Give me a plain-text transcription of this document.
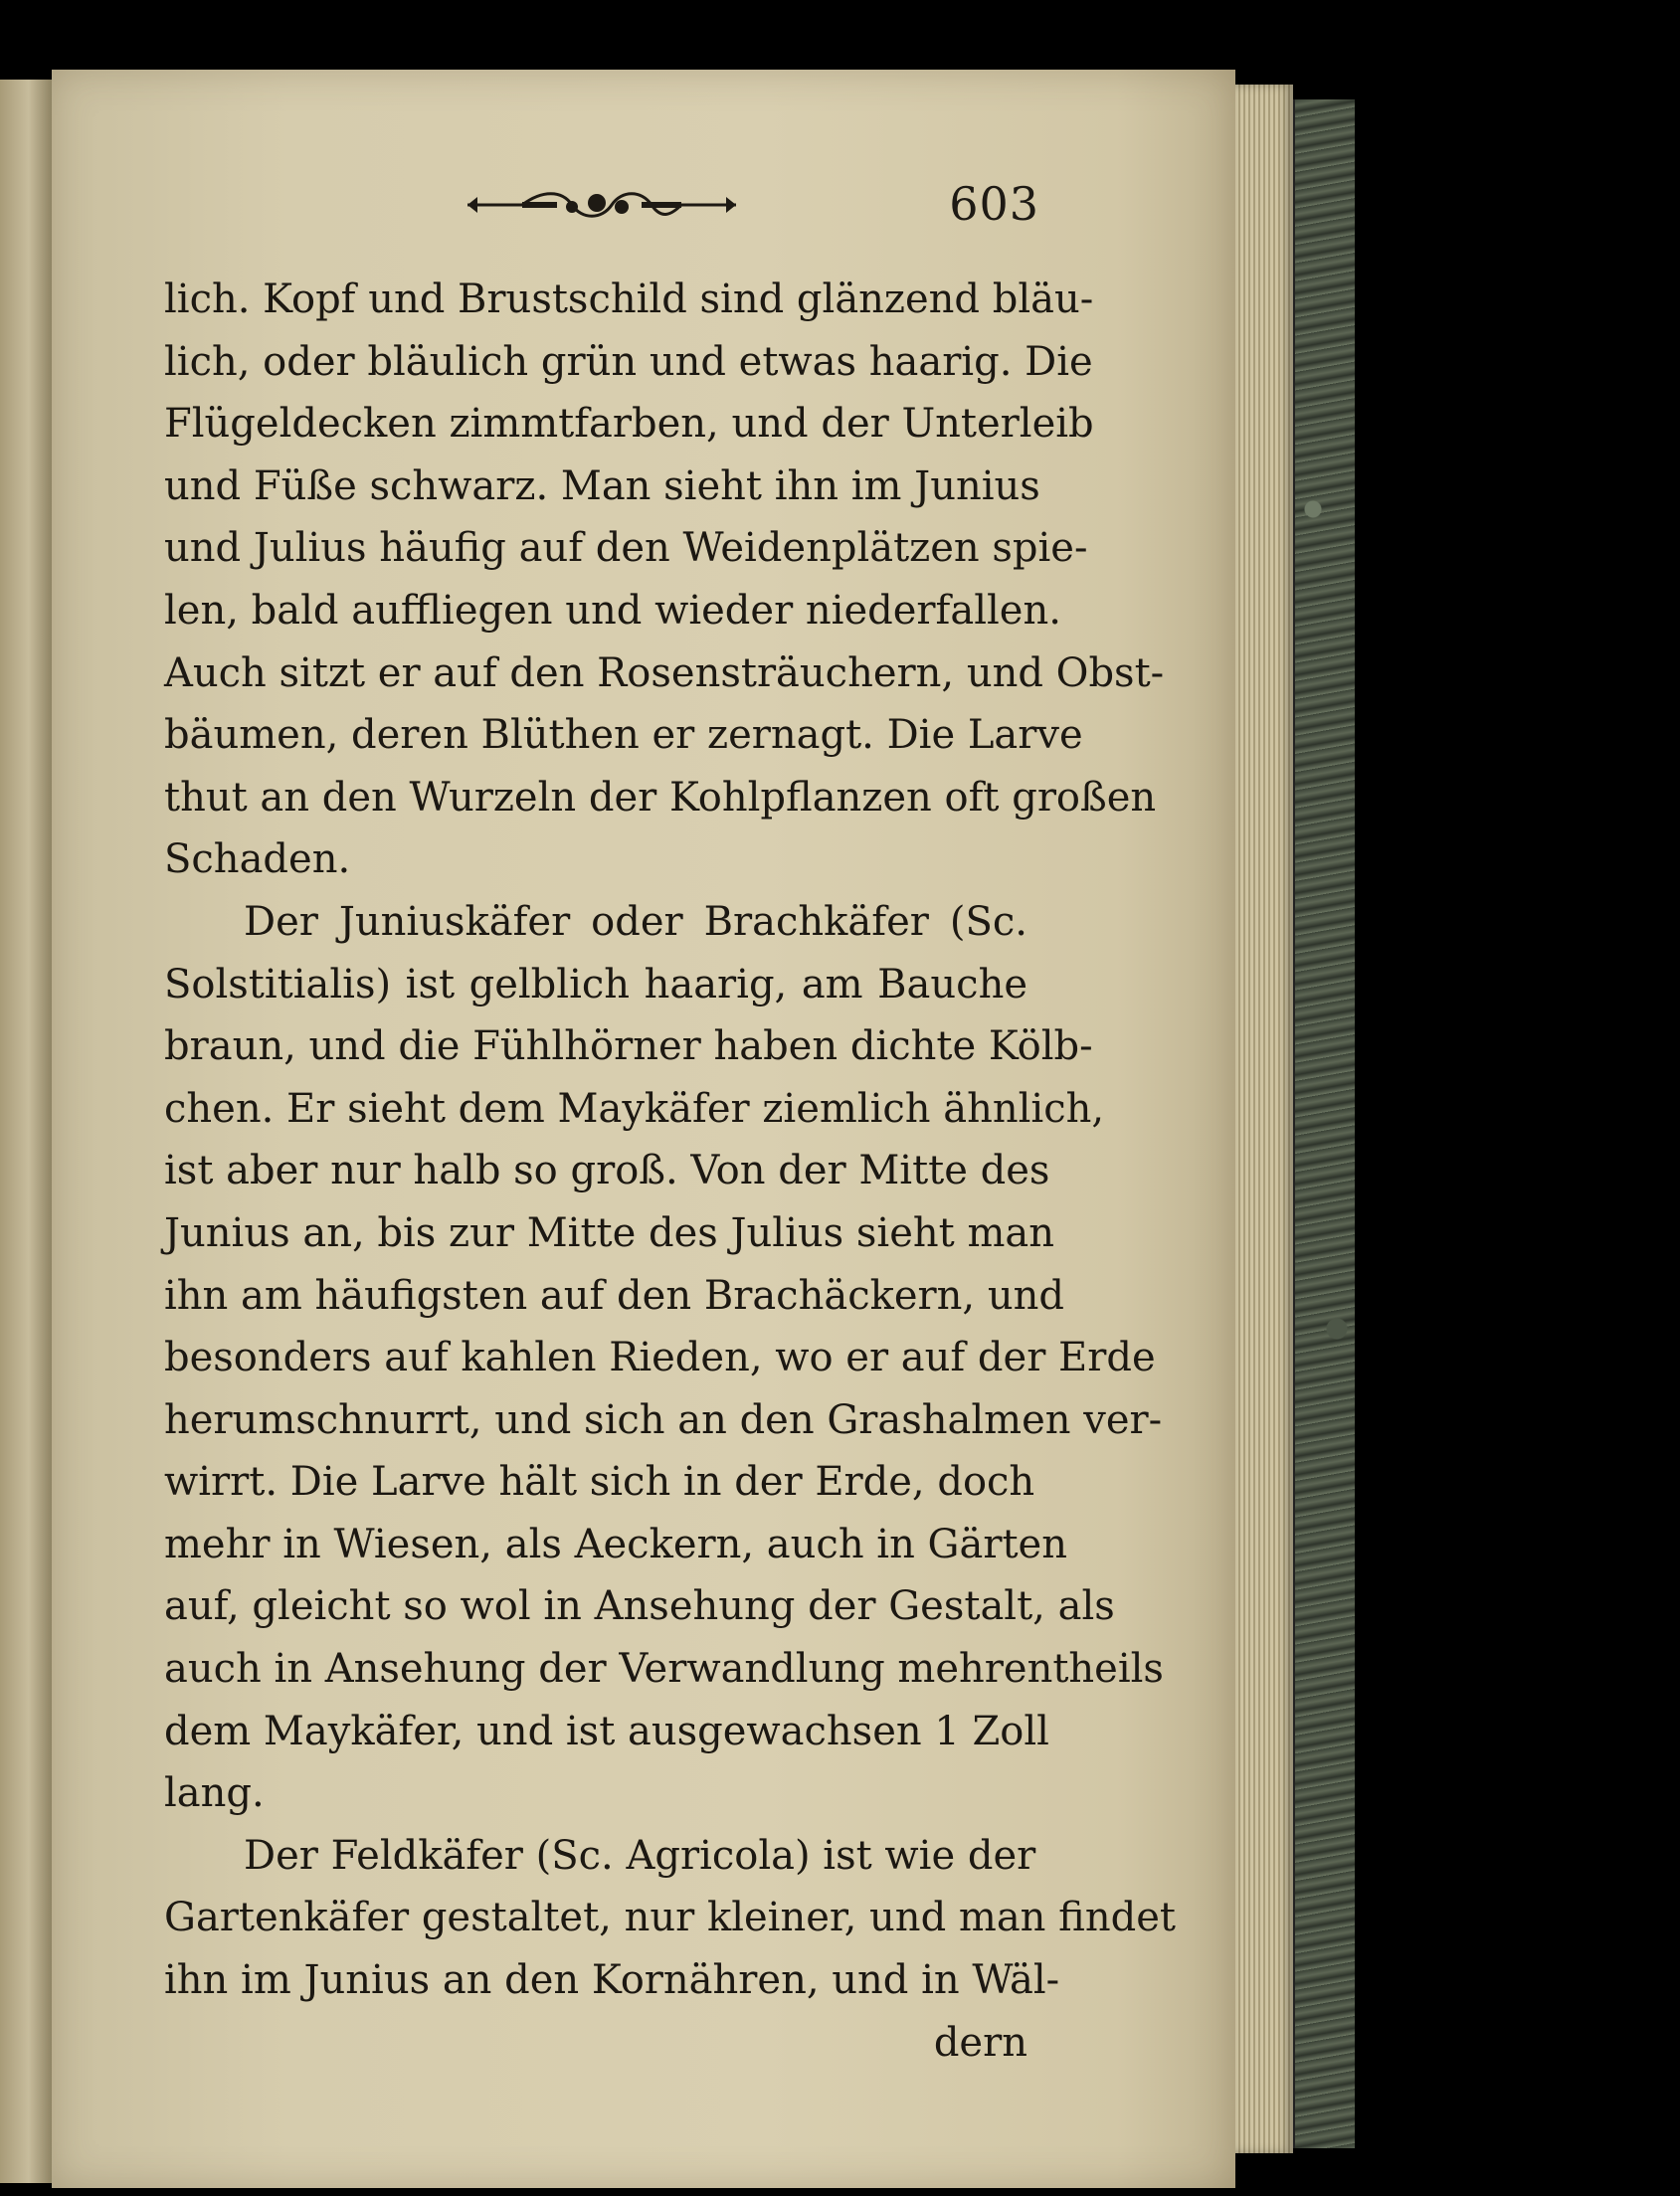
603
lich. Kopf und Brustschild sind glänzend bläu-
lich, oder bläulich grün und etwas haarig. Die
Flügeldecken zimmtfarben, und der Unterleib
und Füße schwarz. Man sieht ihn im Junius
und Julius häufig auf den Weidenplätzen spie-
len, bald auffliegen und wieder niederfallen.
Auch sitzt er auf den Rosensträuchern, und Obst-
bäumen, deren Blüthen er zernagt. Die Larve
thut an den Wurzeln der Kohlpflanzen oft großen
Schaden.
Der Juniuskäfer oder Brachkäfer (Sc.
Solstitialis) ist gelblich haarig, am Bauche
braun, und die Fühlhörner haben dichte Kölb-
chen. Er sieht dem Maykäfer ziemlich ähnlich,
ist aber nur halb so groß. Von der Mitte des
Junius an, bis zur Mitte des Julius sieht man
ihn am häufigsten auf den Brachäckern, und
besonders auf kahlen Rieden, wo er auf der Erde
herumschnurrt, und sich an den Grashalmen ver-
wirrt. Die Larve hält sich in der Erde, doch
mehr in Wiesen, als Aeckern, auch in Gärten
auf, gleicht so wol in Ansehung der Gestalt, als
auch in Ansehung der Verwandlung mehrentheils
dem Maykäfer, und ist ausgewachsen 1 Zoll
lang.
Der Feldkäfer (Sc. Agricola) ist wie der
Gartenkäfer gestaltet, nur kleiner, und man findet
ihn im Junius an den Kornähren, und in Wäl-
dern
